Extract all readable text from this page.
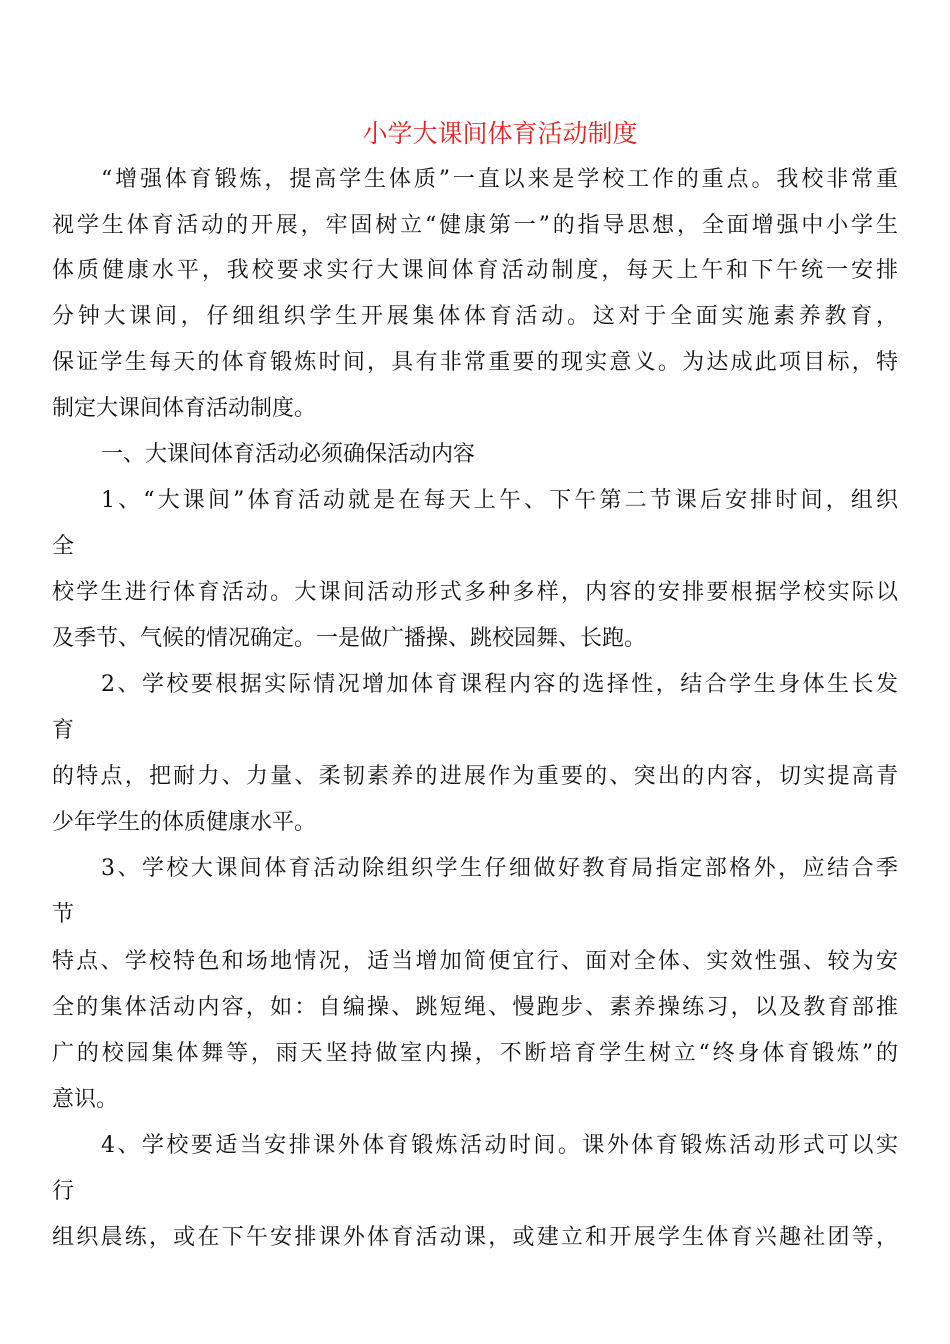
小学大课间体育活动制度
“增强体育锻炼，提高学生体质”一直以来是学校工作的重点。我校非常重
视学生体育活动的开展，牢固树立“健康第一”的指导思想，全面增强中小学生
体质健康水平，我校要求实行大课间体育活动制度，每天上午和下午统一安排
分钟大课间，仔细组织学生开展集体体育活动。这对于全面实施素养教育，
保证学生每天的体育锻炼时间，具有非常重要的现实意义。为达成此项目标，特
制定大课间体育活动制度。
一、大课间体育活动必须确保活动内容
1、“大课间”体育活动就是在每天上午、下午第二节课后安排时间，组织
全
校学生进行体育活动。大课间活动形式多种多样，内容的安排要根据学校实际以
及季节、气候的情况确定。一是做广播操、跳校园舞、长跑。
2、学校要根据实际情况增加体育课程内容的选择性，结合学生身体生长发
育
的特点，把耐力、力量、柔韧素养的进展作为重要的、突出的内容，切实提高青
少年学生的体质健康水平。
3、学校大课间体育活动除组织学生仔细做好教育局指定部格外，应结合季
节
特点、学校特色和场地情况，适当增加简便宜行、面对全体、实效性强、较为安
全的集体活动内容，如：自编操、跳短绳、慢跑步、素养操练习，以及教育部推
广的校园集体舞等，雨天坚持做室内操，不断培育学生树立“终身体育锻炼”的
意识。
4、学校要适当安排课外体育锻炼活动时间。课外体育锻炼活动形式可以实
行
组织晨练，或在下午安排课外体育活动课，或建立和开展学生体育兴趣社团等，
